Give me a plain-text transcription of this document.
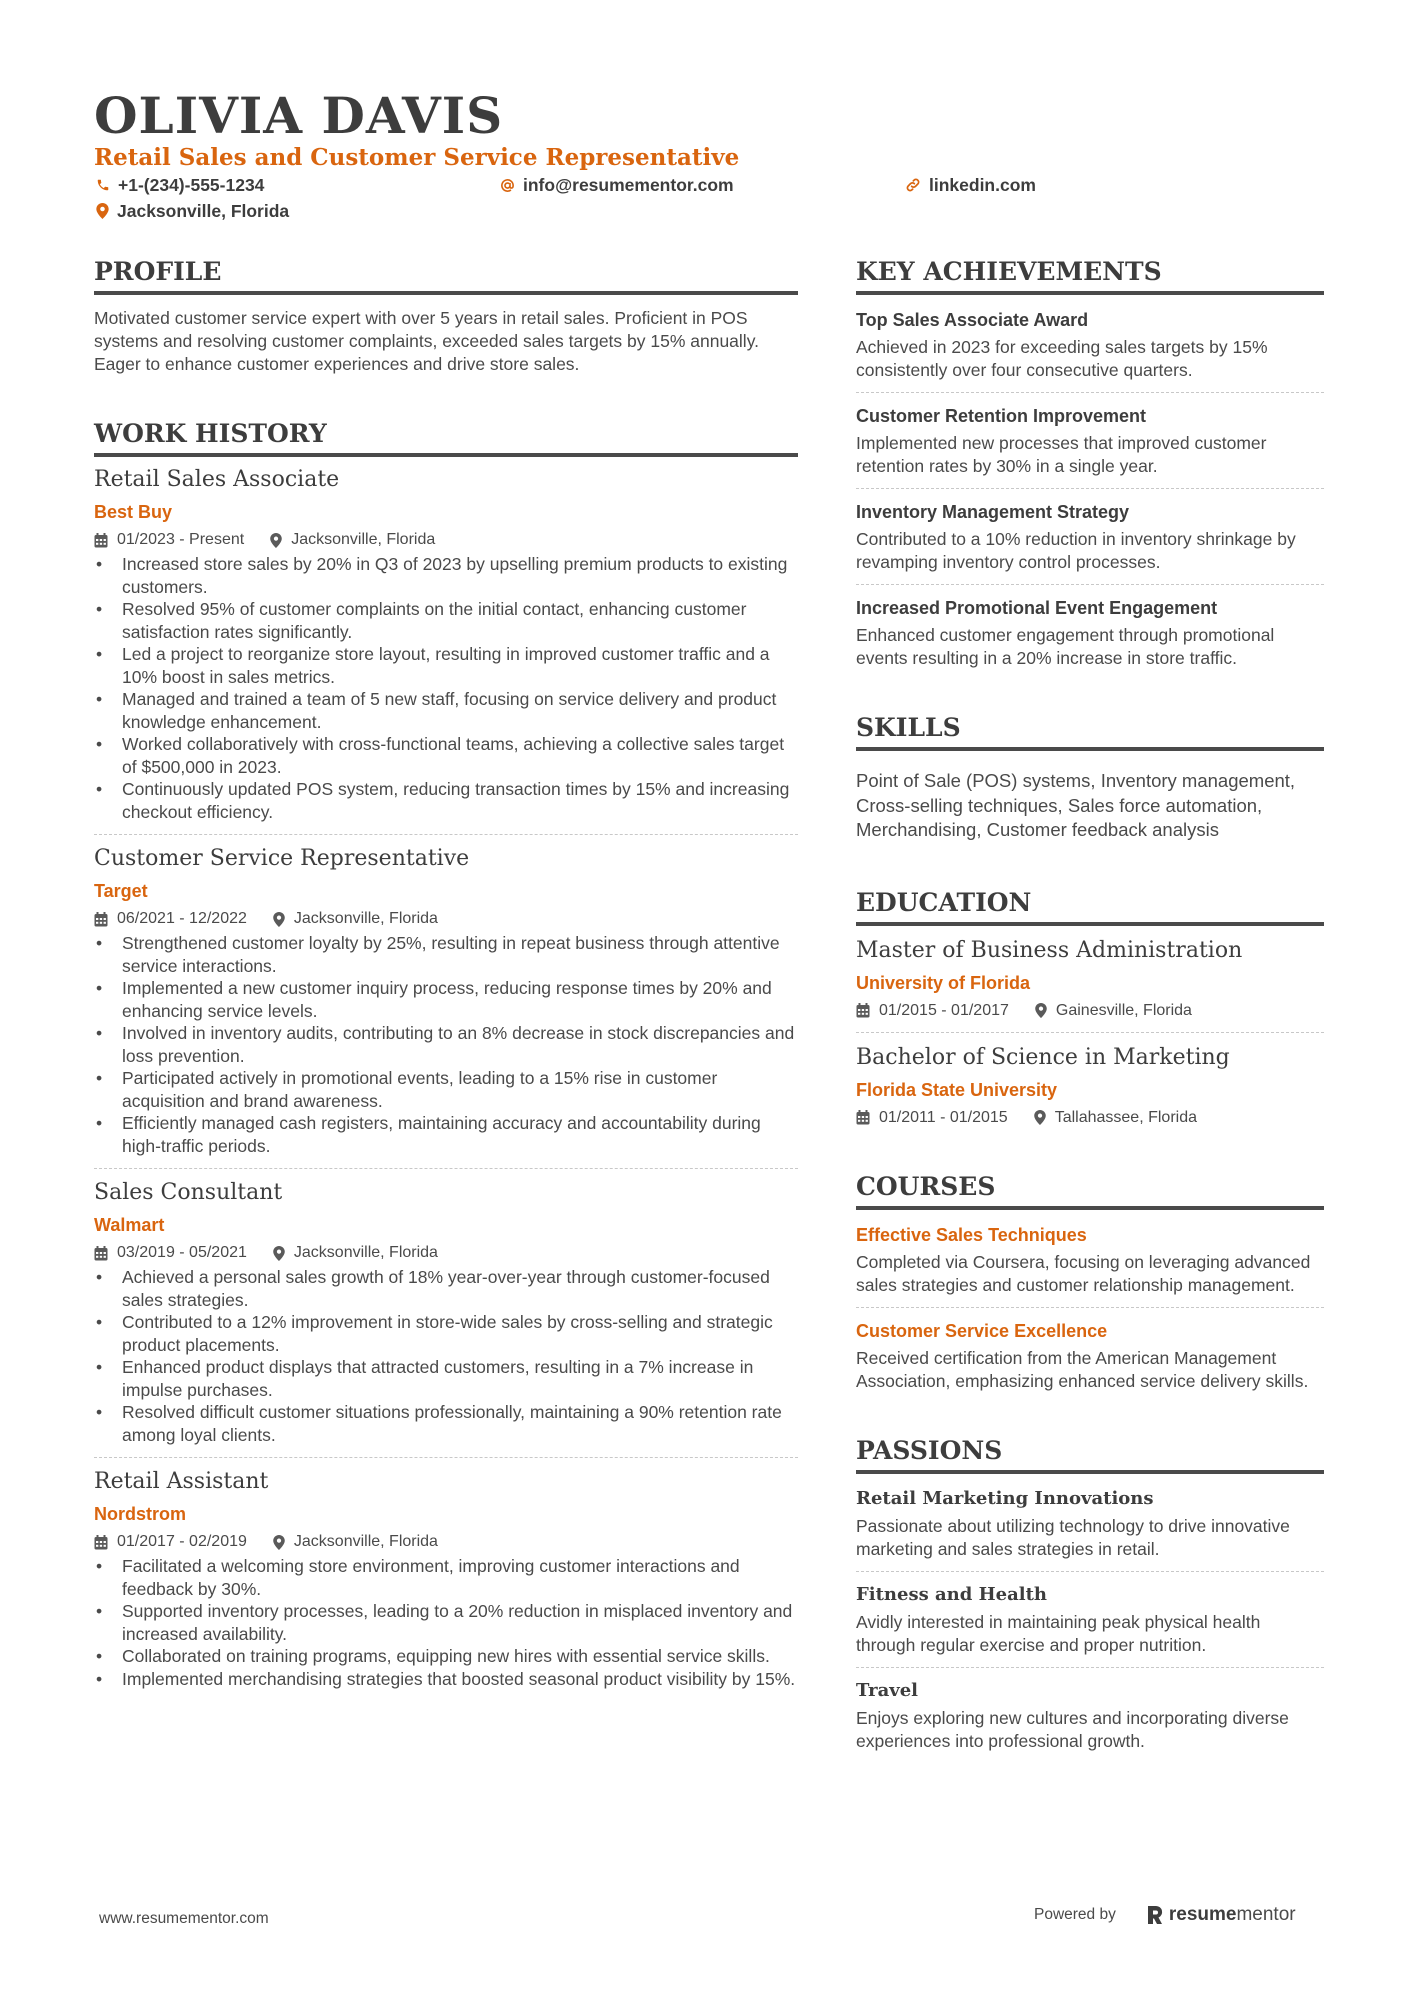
OLIVIA DAVIS
Retail Sales and Customer Service Representative
+1-(234)-555-1234	info@resumementor.com	linkedin.com
Jacksonville, Florida
PROFILE
Motivated customer service expert with over 5 years in retail sales. Proficient in POS systems and resolving customer complaints, exceeded sales targets by 15% annually. Eager to enhance customer experiences and drive store sales.
WORK HISTORY
Retail Sales Associate
Best Buy
01/2023 - Present	Jacksonville, Florida
• Increased store sales by 20% in Q3 of 2023 by upselling premium products to existing customers.
• Resolved 95% of customer complaints on the initial contact, enhancing customer satisfaction rates significantly.
• Led a project to reorganize store layout, resulting in improved customer traffic and a 10% boost in sales metrics.
• Managed and trained a team of 5 new staff, focusing on service delivery and product knowledge enhancement.
• Worked collaboratively with cross-functional teams, achieving a collective sales target of $500,000 in 2023.
• Continuously updated POS system, reducing transaction times by 15% and increasing checkout efficiency.
Customer Service Representative
Target
06/2021 - 12/2022	Jacksonville, Florida
• Strengthened customer loyalty by 25%, resulting in repeat business through attentive service interactions.
• Implemented a new customer inquiry process, reducing response times by 20% and enhancing service levels.
• Involved in inventory audits, contributing to an 8% decrease in stock discrepancies and loss prevention.
• Participated actively in promotional events, leading to a 15% rise in customer acquisition and brand awareness.
• Efficiently managed cash registers, maintaining accuracy and accountability during high-traffic periods.
Sales Consultant
Walmart
03/2019 - 05/2021	Jacksonville, Florida
• Achieved a personal sales growth of 18% year-over-year through customer-focused sales strategies.
• Contributed to a 12% improvement in store-wide sales by cross-selling and strategic product placements.
• Enhanced product displays that attracted customers, resulting in a 7% increase in impulse purchases.
• Resolved difficult customer situations professionally, maintaining a 90% retention rate among loyal clients.
Retail Assistant
Nordstrom
01/2017 - 02/2019	Jacksonville, Florida
• Facilitated a welcoming store environment, improving customer interactions and feedback by 30%.
• Supported inventory processes, leading to a 20% reduction in misplaced inventory and increased availability.
• Collaborated on training programs, equipping new hires with essential service skills.
• Implemented merchandising strategies that boosted seasonal product visibility by 15%.
KEY ACHIEVEMENTS
Top Sales Associate Award
Achieved in 2023 for exceeding sales targets by 15% consistently over four consecutive quarters.
Customer Retention Improvement
Implemented new processes that improved customer retention rates by 30% in a single year.
Inventory Management Strategy
Contributed to a 10% reduction in inventory shrinkage by revamping inventory control processes.
Increased Promotional Event Engagement
Enhanced customer engagement through promotional events resulting in a 20% increase in store traffic.
SKILLS
Point of Sale (POS) systems, Inventory management, Cross-selling techniques, Sales force automation, Merchandising, Customer feedback analysis
EDUCATION
Master of Business Administration
University of Florida
01/2015 - 01/2017	Gainesville, Florida
Bachelor of Science in Marketing
Florida State University
01/2011 - 01/2015	Tallahassee, Florida
COURSES
Effective Sales Techniques
Completed via Coursera, focusing on leveraging advanced sales strategies and customer relationship management.
Customer Service Excellence
Received certification from the American Management Association, emphasizing enhanced service delivery skills.
PASSIONS
Retail Marketing Innovations
Passionate about utilizing technology to drive innovative marketing and sales strategies in retail.
Fitness and Health
Avidly interested in maintaining peak physical health through regular exercise and proper nutrition.
Travel
Enjoys exploring new cultures and incorporating diverse experiences into professional growth.
www.resumementor.com	Powered by	resume mentor
